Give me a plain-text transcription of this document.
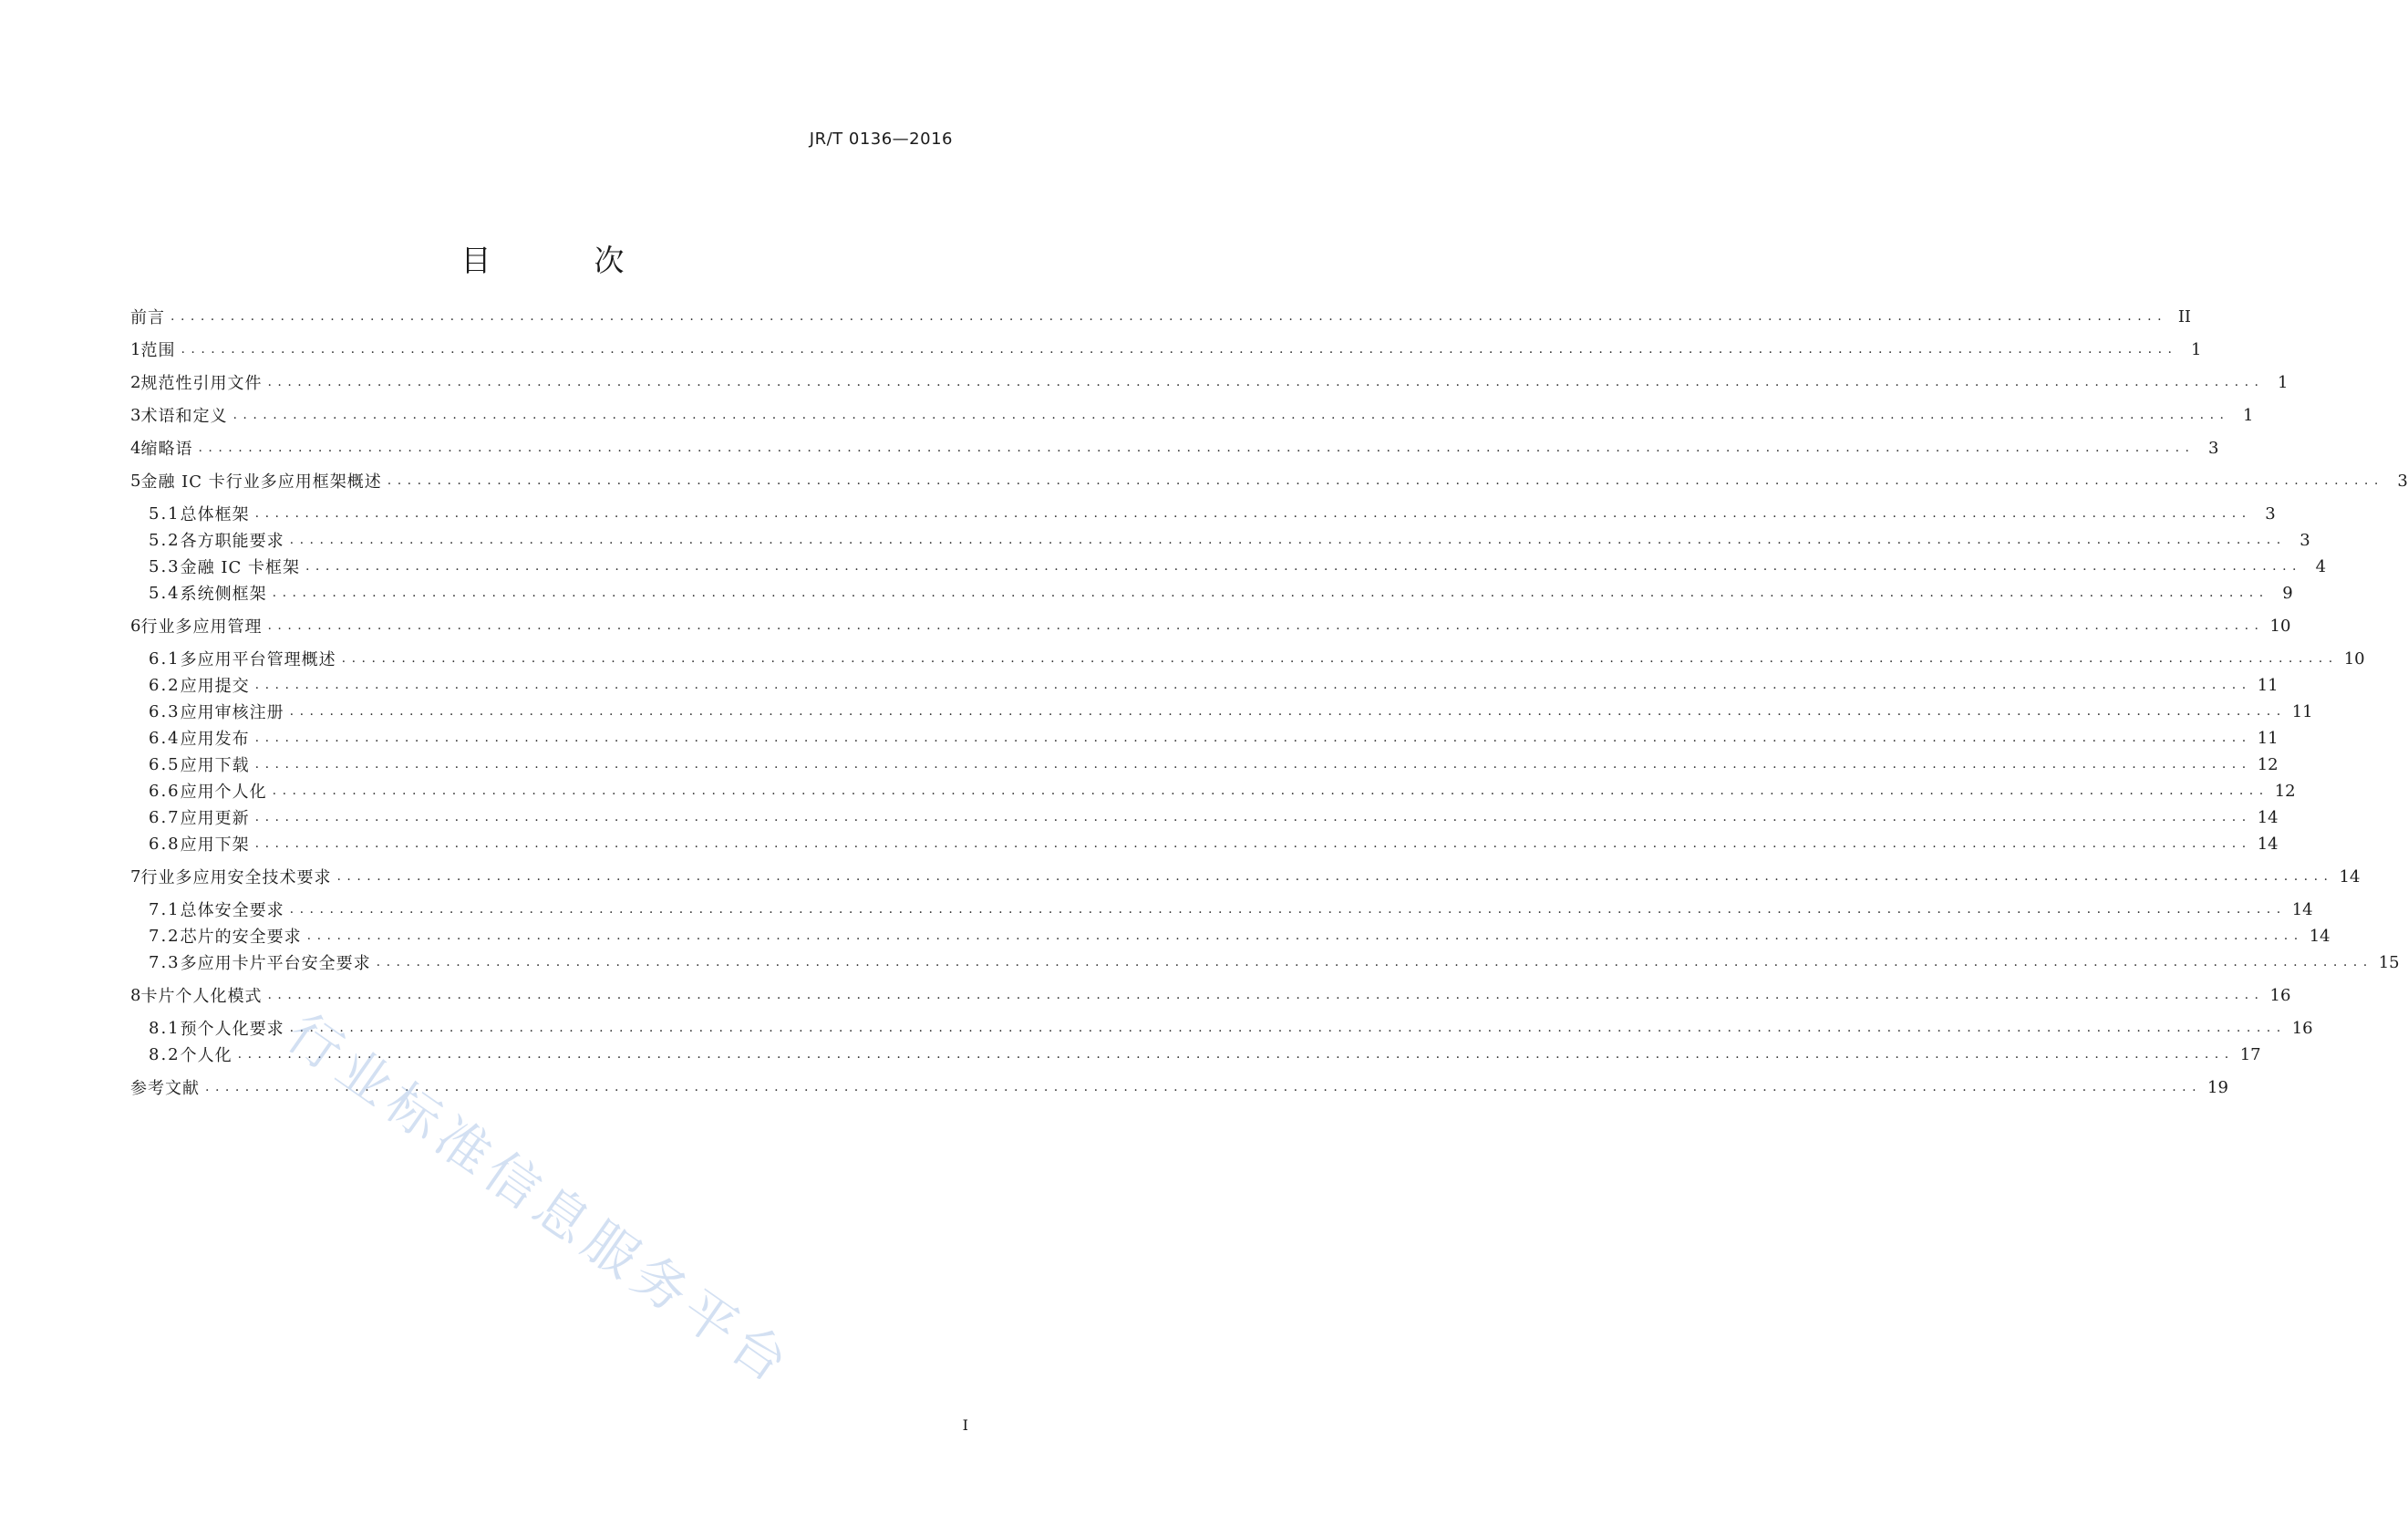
JR/T 0136—2016
目　次
前言 ........................................................................................................................................................................................................ II
1 范围 ........................................................................................................................................................................................................ 1
2 规范性引用文件 ........................................................................................................................................................................................................ 1
3 术语和定义 ........................................................................................................................................................................................................ 1
4 缩略语 ........................................................................................................................................................................................................ 3
5 金融 IC 卡行业多应用框架概述 ........................................................................................................................................................................................................ 3
5.1 总体框架 ........................................................................................................................................................................................................ 3
5.2 各方职能要求 ........................................................................................................................................................................................................ 3
5.3 金融 IC 卡框架 ........................................................................................................................................................................................................ 4
5.4 系统侧框架 ........................................................................................................................................................................................................ 9
6 行业多应用管理 ........................................................................................................................................................................................................ 10
6.1 多应用平台管理概述 ........................................................................................................................................................................................................ 10
6.2 应用提交 ........................................................................................................................................................................................................ 11
6.3 应用审核注册 ........................................................................................................................................................................................................ 11
6.4 应用发布 ........................................................................................................................................................................................................ 11
6.5 应用下载 ........................................................................................................................................................................................................ 12
6.6 应用个人化 ........................................................................................................................................................................................................ 12
6.7 应用更新 ........................................................................................................................................................................................................ 14
6.8 应用下架 ........................................................................................................................................................................................................ 14
7 行业多应用安全技术要求 ........................................................................................................................................................................................................ 14
7.1 总体安全要求 ........................................................................................................................................................................................................ 14
7.2 芯片的安全要求 ........................................................................................................................................................................................................ 14
7.3 多应用卡片平台安全要求 ........................................................................................................................................................................................................ 15
8 卡片个人化模式 ........................................................................................................................................................................................................ 16
8.1 预个人化要求 ........................................................................................................................................................................................................ 16
8.2 个人化 ........................................................................................................................................................................................................ 17
参考文献 ........................................................................................................................................................................................................ 19
行业标准信息服务平台
I
